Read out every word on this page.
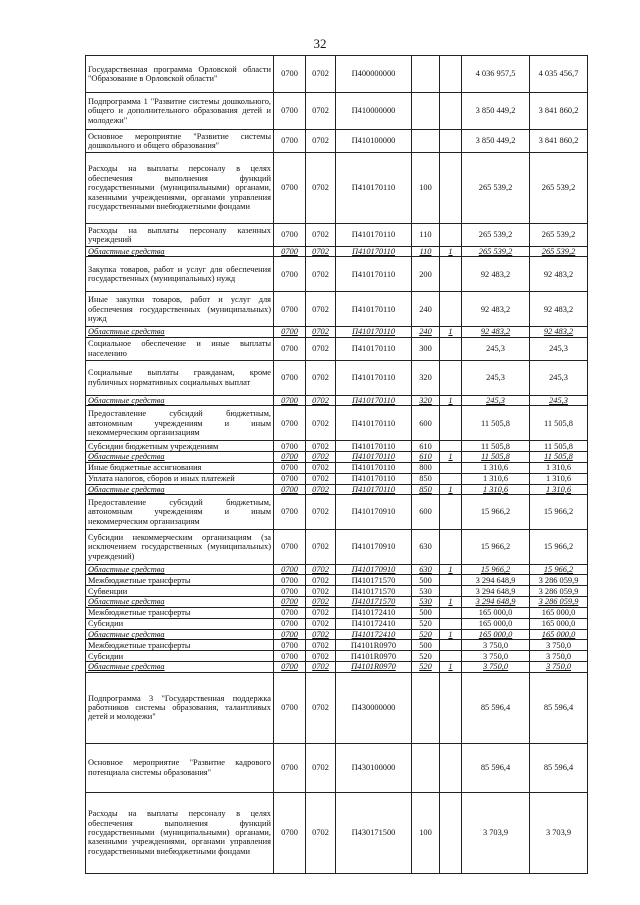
32
Государственная программа Орловской области "Образование в Орловской области"	0700	0702	П400000000			4 036 957,5	4 035 456,7
Подпрограмма 1 "Развитие системы дошкольного, общего и дополнительного образования детей и молодежи"	0700	0702	П410000000			3 850 449,2	3 841 860,2
Основное мероприятие "Развитие системы дошкольного и общего образования"	0700	0702	П410100000			3 850 449,2	3 841 860,2
Расходы на выплаты персоналу в целях обеспечения выполнения функций государственными (муниципальными) органами, казенными учреждениями, органами управления государственными внебюджетными фондами	0700	0702	П410170110	100		265 539,2	265 539,2
Расходы на выплаты персоналу казенных учреждений	0700	0702	П410170110	110		265 539,2	265 539,2
Областные средства	0700	0702	П410170110	110	1	265 539,2	265 539,2
Закупка товаров, работ и услуг для обеспечения государственных (муниципальных) нужд	0700	0702	П410170110	200		92 483,2	92 483,2
Иные закупки товаров, работ и услуг для обеспечения государственных (муниципальных) нужд	0700	0702	П410170110	240		92 483,2	92 483,2
Областные средства	0700	0702	П410170110	240	1	92 483,2	92 483,2
Социальное обеспечение и иные выплаты населению	0700	0702	П410170110	300		245,3	245,3
Социальные выплаты гражданам, кроме публичных нормативных социальных выплат	0700	0702	П410170110	320		245,3	245,3
Областные средства	0700	0702	П410170110	320	1	245,3	245,3
Предоставление субсидий бюджетным, автономным учреждениям и иным некоммерческим организациям	0700	0702	П410170110	600		11 505,8	11 505,8
Субсидии бюджетным учреждениям	0700	0702	П410170110	610		11 505,8	11 505,8
Областные средства	0700	0702	П410170110	610	1	11 505,8	11 505,8
Иные бюджетные ассигнования	0700	0702	П410170110	800		1 310,6	1 310,6
Уплата налогов, сборов и иных платежей	0700	0702	П410170110	850		1 310,6	1 310,6
Областные средства	0700	0702	П410170110	850	1	1 310,6	1 310,6
Предоставление субсидий бюджетным, автономным учреждениям и иным некоммерческим организациям	0700	0702	П410170910	600		15 966,2	15 966,2
Субсидии некоммерческим организациям (за исключением государственных (муниципальных) учреждений)	0700	0702	П410170910	630		15 966,2	15 966,2
Областные средства	0700	0702	П410170910	630	1	15 966,2	15 966,2
Межбюджетные трансферты	0700	0702	П410171570	500		3 294 648,9	3 286 059,9
Субвенции	0700	0702	П410171570	530		3 294 648,9	3 286 059,9
Областные средства	0700	0702	П410171570	530	1	3 294 648,9	3 286 059,9
Межбюджетные трансферты	0700	0702	П410172410	500		165 000,0	165 000,0
Субсидии	0700	0702	П410172410	520		165 000,0	165 000,0
Областные средства	0700	0702	П410172410	520	1	165 000,0	165 000,0
Межбюджетные трансферты	0700	0702	П4101R0970	500		3 750,0	3 750,0
Субсидии	0700	0702	П4101R0970	520		3 750,0	3 750,0
Областные средства	0700	0702	П4101R0970	520	1	3 750,0	3 750,0
Подпрограмма 3 "Государственная поддержка работников системы образования, талантливых детей и молодежи"	0700	0702	П430000000			85 596,4	85 596,4
Основное мероприятие "Развитие кадрового потенциала системы образования"	0700	0702	П430100000			85 596,4	85 596,4
Расходы на выплаты персоналу в целях обеспечения выполнения функций государственными (муниципальными) органами, казенными учреждениями, органами управления государственными внебюджетными фондами	0700	0702	П430171500	100		3 703,9	3 703,9
